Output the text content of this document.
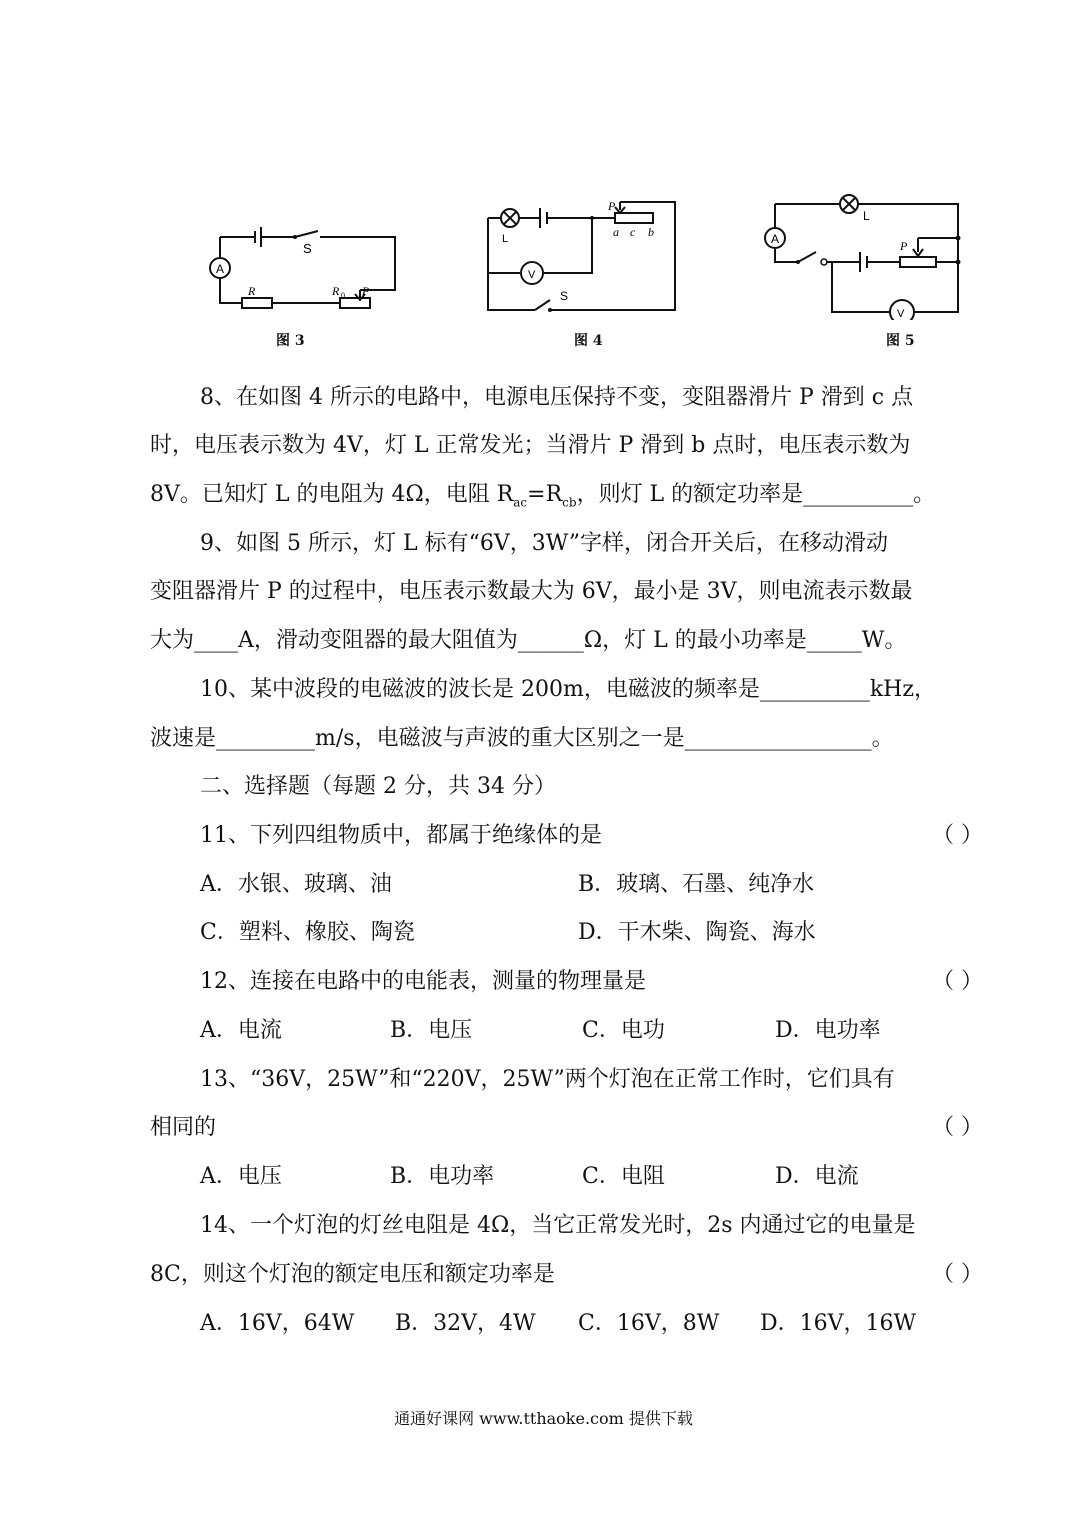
A
S
R	R 0 P
图 3
L
P
a c b
V
S
图 4
A
L
P
V
图 5
8、在如图 4 所示的电路中，电源电压保持不变，变阻器滑片 P 滑到 c 点
时，电压表示数为 4V，灯 L 正常发光；当滑片 P 滑到 b 点时，电压表示数为
8V。已知灯 L 的电阻为 4Ω，电阻 $R_{ac}=R_{cb}$，则灯 L 的额定功率是__________。
9、如图 5 所示，灯 L 标有“6V，3W”字样，闭合开关后，在移动滑动
变阻器滑片 P 的过程中，电压表示数最大为 6V，最小是 3V，则电流表示数最
大为____A，滑动变阻器的最大阻值为______Ω，灯 L 的最小功率是_____W。
10、某中波段的电磁波的波长是 200m，电磁波的频率是__________kHz，
波速是_________m/s，电磁波与声波的重大区别之一是_________________。
二、选择题（每题 2 分，共 34 分）
11、下列四组物质中，都属于绝缘体的是	（ ）
A．水银、玻璃、油	B．玻璃、石墨、纯净水
C．塑料、橡胶、陶瓷	D．干木柴、陶瓷、海水
12、连接在电路中的电能表，测量的物理量是	（ ）
A．电流	B．电压	C．电功	D．电功率
13、“36V，25W”和“220V，25W”两个灯泡在正常工作时，它们具有
相同的	（ ）
A．电压	B．电功率	C．电阻	D．电流
14、一个灯泡的灯丝电阻是 4Ω，当它正常发光时，2s 内通过它的电量是
8C，则这个灯泡的额定电压和额定功率是	（ ）
A．16V，64W B．32V，4W C．16V，8W D．16V，16W
通通好课网 www.tthaoke.com 提供下载
